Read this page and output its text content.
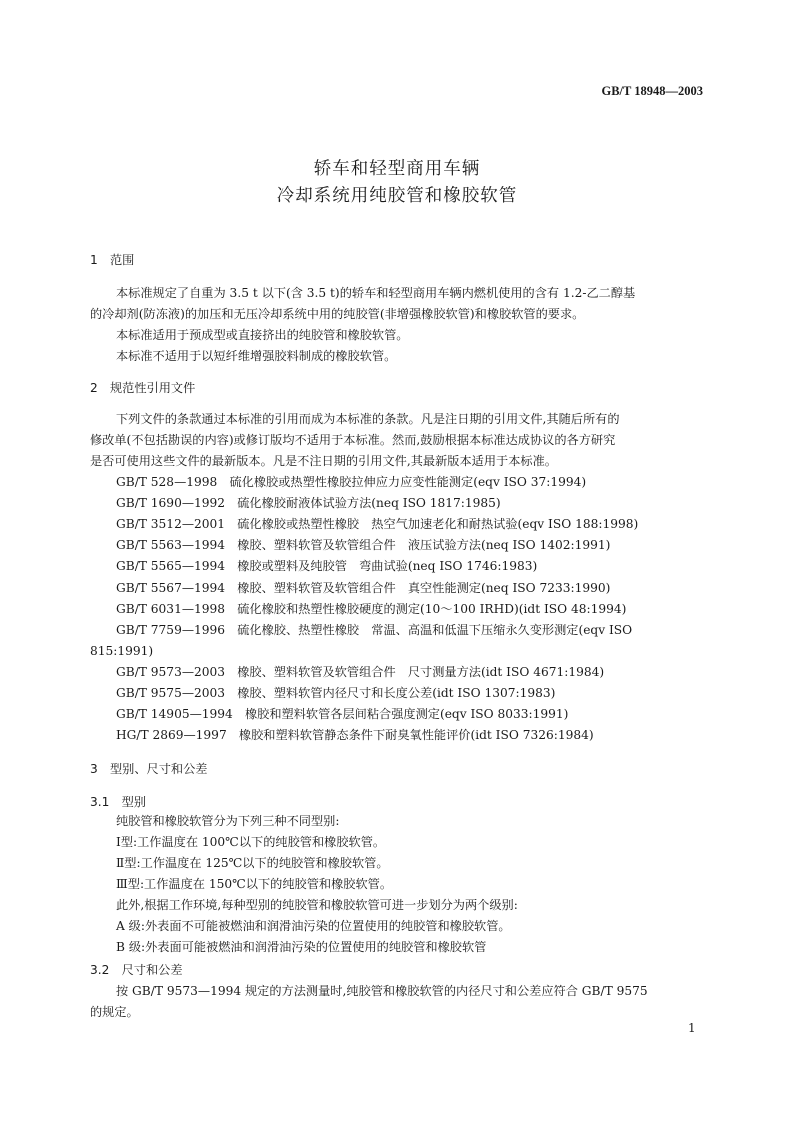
GB/T 18948—2003
轿车和轻型商用车辆
冷却系统用纯胶管和橡胶软管
1　范围
本标准规定了自重为 3.5 t 以下(含 3.5 t)的轿车和轻型商用车辆内燃机使用的含有 1.2-乙二醇基
的冷却剂(防冻液)的加压和无压冷却系统中用的纯胶管(非增强橡胶软管)和橡胶软管的要求。
本标准适用于预成型或直接挤出的纯胶管和橡胶软管。
本标准不适用于以短纤维增强胶料制成的橡胶软管。
2　规范性引用文件
下列文件的条款通过本标准的引用而成为本标准的条款。凡是注日期的引用文件,其随后所有的
修改单(不包括勘误的内容)或修订版均不适用于本标准。然而,鼓励根据本标准达成协议的各方研究
是否可使用这些文件的最新版本。凡是不注日期的引用文件,其最新版本适用于本标准。
GB/T 528—1998　硫化橡胶或热塑性橡胶拉伸应力应变性能测定(eqv ISO 37:1994)
GB/T 1690—1992　硫化橡胶耐液体试验方法(neq ISO 1817:1985)
GB/T 3512—2001　硫化橡胶或热塑性橡胶　热空气加速老化和耐热试验(eqv ISO 188:1998)
GB/T 5563—1994　橡胶、塑料软管及软管组合件　液压试验方法(neq ISO 1402:1991)
GB/T 5565—1994　橡胶或塑料及纯胶管　弯曲试验(neq ISO 1746:1983)
GB/T 5567—1994　橡胶、塑料软管及软管组合件　真空性能测定(neq ISO 7233:1990)
GB/T 6031—1998　硫化橡胶和热塑性橡胶硬度的测定(10～100 IRHD)(idt ISO 48:1994)
GB/T 7759—1996　硫化橡胶、热塑性橡胶　常温、高温和低温下压缩永久变形测定(eqv ISO
815:1991)
GB/T 9573—2003　橡胶、塑料软管及软管组合件　尺寸测量方法(idt ISO 4671:1984)
GB/T 9575—2003　橡胶、塑料软管内径尺寸和长度公差(idt ISO 1307:1983)
GB/T 14905—1994　橡胶和塑料软管各层间粘合强度测定(eqv ISO 8033:1991)
HG/T 2869—1997　橡胶和塑料软管静态条件下耐臭氧性能评价(idt ISO 7326:1984)
3　型别、尺寸和公差
3.1　型别
纯胶管和橡胶软管分为下列三种不同型别:
Ⅰ型:工作温度在 100℃以下的纯胶管和橡胶软管。
Ⅱ型:工作温度在 125℃以下的纯胶管和橡胶软管。
Ⅲ型:工作温度在 150℃以下的纯胶管和橡胶软管。
此外,根据工作环境,每种型别的纯胶管和橡胶软管可进一步划分为两个级别:
A 级:外表面不可能被燃油和润滑油污染的位置使用的纯胶管和橡胶软管。
B 级:外表面可能被燃油和润滑油污染的位置使用的纯胶管和橡胶软管
3.2　尺寸和公差
按 GB/T 9573—1994 规定的方法测量时,纯胶管和橡胶软管的内径尺寸和公差应符合 GB/T 9575
的规定。
1
